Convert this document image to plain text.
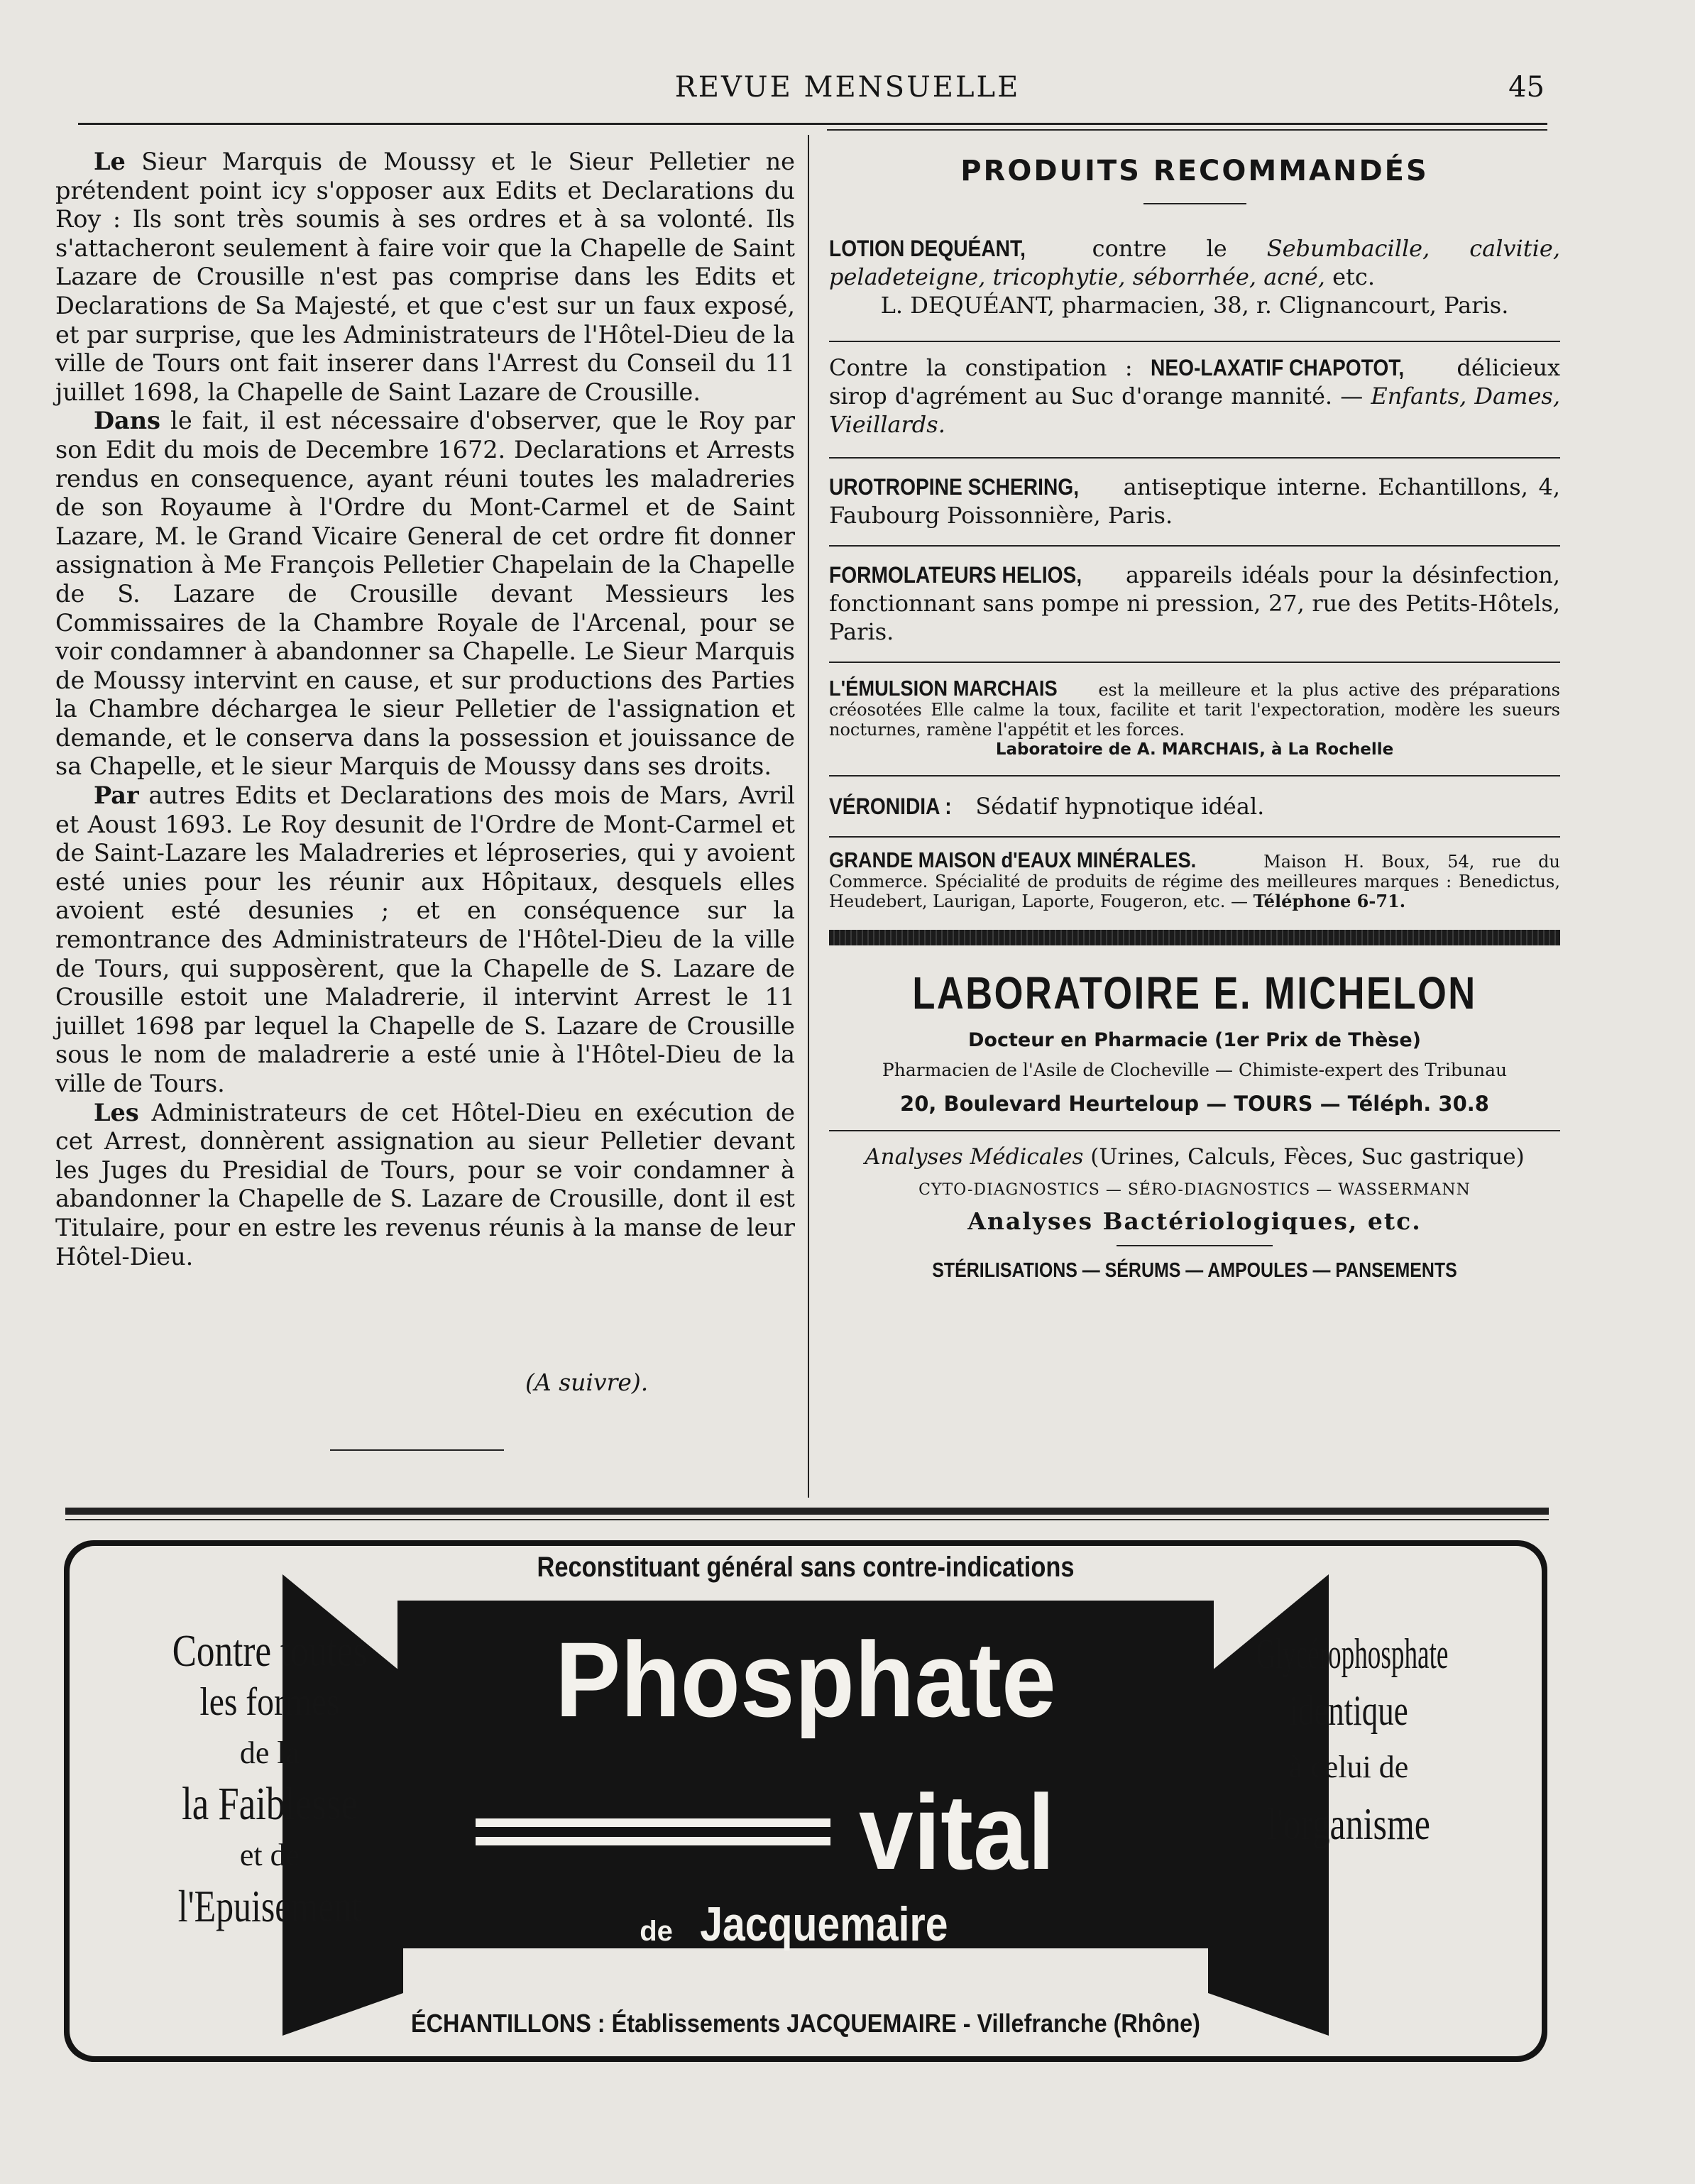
REVUE MENSUELLE	45

Le Sieur Marquis de Moussy et le Sieur Pelletier ne prétendent point icy s'opposer aux Edits et Declarations du Roy : Ils sont très soumis à ses ordres et à sa volonté. Ils s'attacheront seulement à faire voir que la Chapelle de Saint Lazare de Crousille n'est pas comprise dans les Edits et Declarations de Sa Majesté, et que c'est sur un faux exposé, et par surprise, que les Administrateurs de l'Hôtel-Dieu de la ville de Tours ont fait inserer dans l'Arrest du Conseil du 11 juillet 1698, la Chapelle de Saint Lazare de Crousille.

Dans le fait, il est nécessaire d'observer, que le Roy par son Edit du mois de Decembre 1672. Declarations et Arrests rendus en consequence, ayant réuni toutes les maladreries de son Royaume à l'Ordre du Mont-Carmel et de Saint Lazare, M. le Grand Vicaire General de cet ordre fit donner assignation à Me François Pelletier Chapelain de la Chapelle de S. Lazare de Crousille devant Messieurs les Commissaires de la Chambre Royale de l'Arcenal, pour se voir condamner à abandonner sa Chapelle. Le Sieur Marquis de Moussy intervint en cause, et sur productions des Parties la Chambre déchargea le sieur Pelletier de l'assignation et demande, et le conserva dans la possession et jouissance de sa Chapelle, et le sieur Marquis de Moussy dans ses droits.

Par autres Edits et Declarations des mois de Mars, Avril et Aoust 1693. Le Roy desunit de l'Ordre de Mont-Carmel et de Saint-Lazare les Maladreries et léproseries, qui y avoient esté unies pour les réunir aux Hôpitaux, desquels elles avoient esté desunies ; et en conséquence sur la remontrance des Administrateurs de l'Hôtel-Dieu de la ville de Tours, qui supposèrent, que la Chapelle de S. Lazare de Crousille estoit une Maladrerie, il intervint Arrest le 11 juillet 1698 par lequel la Chapelle de S. Lazare de Crousille sous le nom de maladrerie a esté unie à l'Hôtel-Dieu de la ville de Tours.

Les Administrateurs de cet Hôtel-Dieu en exécution de cet Arrest, donnèrent assignation au sieur Pelletier devant les Juges du Presidial de Tours, pour se voir condamner à abandonner la Chapelle de S. Lazare de Crousille, dont il est Titulaire, pour en estre les revenus réunis à la manse de leur Hôtel-Dieu.

(A suivre).
PRODUITS RECOMMANDÉS
LOTION DEQUÉANT,	contre le Sebumbacille, calvitie, peladeteigne, tricophytie, séborrhée, acné, etc.
L. DEQUÉANT, pharmacien, 38, r. Clignancourt, Paris.
Contre la constipation : NEO-LAXATIF CHAPOTOT, délicieux sirop d'agrément au Suc d'orange mannité. — Enfants, Dames, Vieillards.
UROTROPINE SCHERING, antiseptique interne. Echantillons, 4, Faubourg Poissonnière, Paris.
FORMOLATEURS HELIOS, appareils idéals pour la désinfection, fonctionnant sans pompe ni pression, 27, rue des Petits-Hôtels, Paris.
L'ÉMULSION MARCHAIS est la meilleure et la plus active des préparations créosotées Elle calme la toux, facilite et tarit l'expectoration, modère les sueurs nocturnes, ramène l'appétit et les forces.
Laboratoire de A. MARCHAIS, à La Rochelle
VÉRONIDIA : Sédatif hypnotique idéal.
GRANDE MAISON d'EAUX MINÉRALES.	Maison H. Boux, 54, rue du Commerce. Spécialité de produits de régime des meilleures marques : Benedictus, Heudebert, Laurigan, Laporte, Fougeron, etc. — Téléphone 6-71.
LABORATOIRE E. MICHELON
Docteur en Pharmacie (1er Prix de Thèse)
Pharmacien de l'Asile de Clocheville — Chimiste-expert des Tribunau
20, Boulevard Heurteloup — TOURS — Téléph. 30.8
Analyses Médicales (Urines, Calculs, Fèces, Suc gastrique)
CYTO-DIAGNOSTICS — SÉRO-DIAGNOSTICS — WASSERMANN
Analyses Bactériologiques, etc.
STÉRILISATIONS — SÉRUMS — AMPOULES — PANSEMENTS
Reconstituant général sans contre-indications
Contre toutes
les formes
de la
la Faiblesse
et de
l'Epuisement
Phosphate
vital
de Jacquemaire
Glycérophosphate
identique
à celui de
l'organisme
ÉCHANTILLONS : Établissements JACQUEMAIRE - Villefranche (Rhône)
